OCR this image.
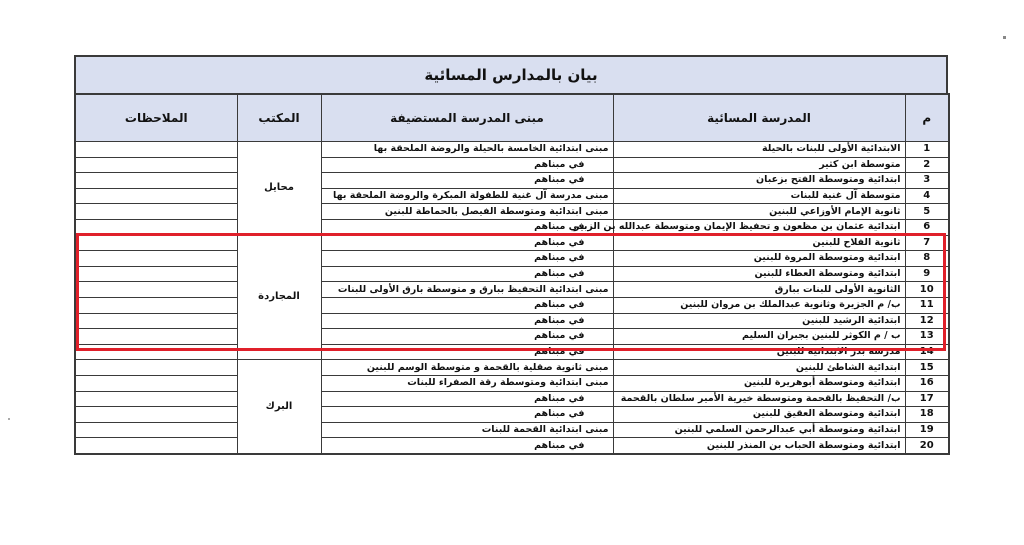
بيان بالمدارس المسائية
م	المدرسة المسائية	مبنى المدرسة المستضيفة	المكتب	الملاحظات
1	الابتدائية الأولى للبنات بالحيلة	مبنى ابتدائية الخامسة بالحيلة والروضة الملحقة بها	محايل	
2	متوسطة ابن كثير	في مبناهم		
3	ابتدائية ومتوسطة الفتح بزعبان	في مبناهم		
4	متوسطة آل غنية للبنات	مبنى مدرسة آل غنية للطفولة المبكرة والروضة الملحقة بها		
5	ثانوية الإمام الأوزاعي للبنين	مبنى ابتدائية ومتوسطة الفيصل بالحماطة للبنين		
6	ابتدائية عثمان بن مظعون و تحفيظ الإيمان ومتوسطة عبدالله بن الزبير	في مبناهم		
7	ثانوية الفلاح للبنين	في مبناهم	المجاردة	
8	ابتدائية ومتوسطة المروة للبنين	في مبناهم		
9	ابتدائية ومتوسطة العطاء للبنين	في مبناهم		
10	الثانوية الأولى للبنات ببارق	مبنى ابتدائية التحفيظ ببارق و متوسطة بارق الأولى للبنات		
11	ب/ م الجزيرة وثانوية عبدالملك بن مروان للبنين	في مبناهم		
12	ابتدائية الرشيد للبنين	في مبناهم		
13	ب / م الكوثر للبنين بجبران السليم	في مبناهم		
14	مدرسة بدر الابتدائية للبنين	في مبناهم		
15	ابتدائية الشاطئ للبنين	مبنى ثانوية صقلية بالقحمة و متوسطة الوسم للبنين	البرك	
16	ابتدائية ومتوسطة أبوهريرة للبنين	مبنى ابتدائية ومتوسطة رقة الصفراء للبنات		
17	ب/ التحفيظ بالقحمة ومتوسطة خيرية الأمير سلطان بالقحمة	في مبناهم		
18	ابتدائية ومتوسطة العقيق للبنين	في مبناهم		
19	ابتدائية ومتوسطة أبي عبدالرحمن السلمي للبنين	مبنى ابتدائية القحمة للبنات		
20	ابتدائية ومتوسطة الحباب بن المنذر للبنين	في مبناهم		
